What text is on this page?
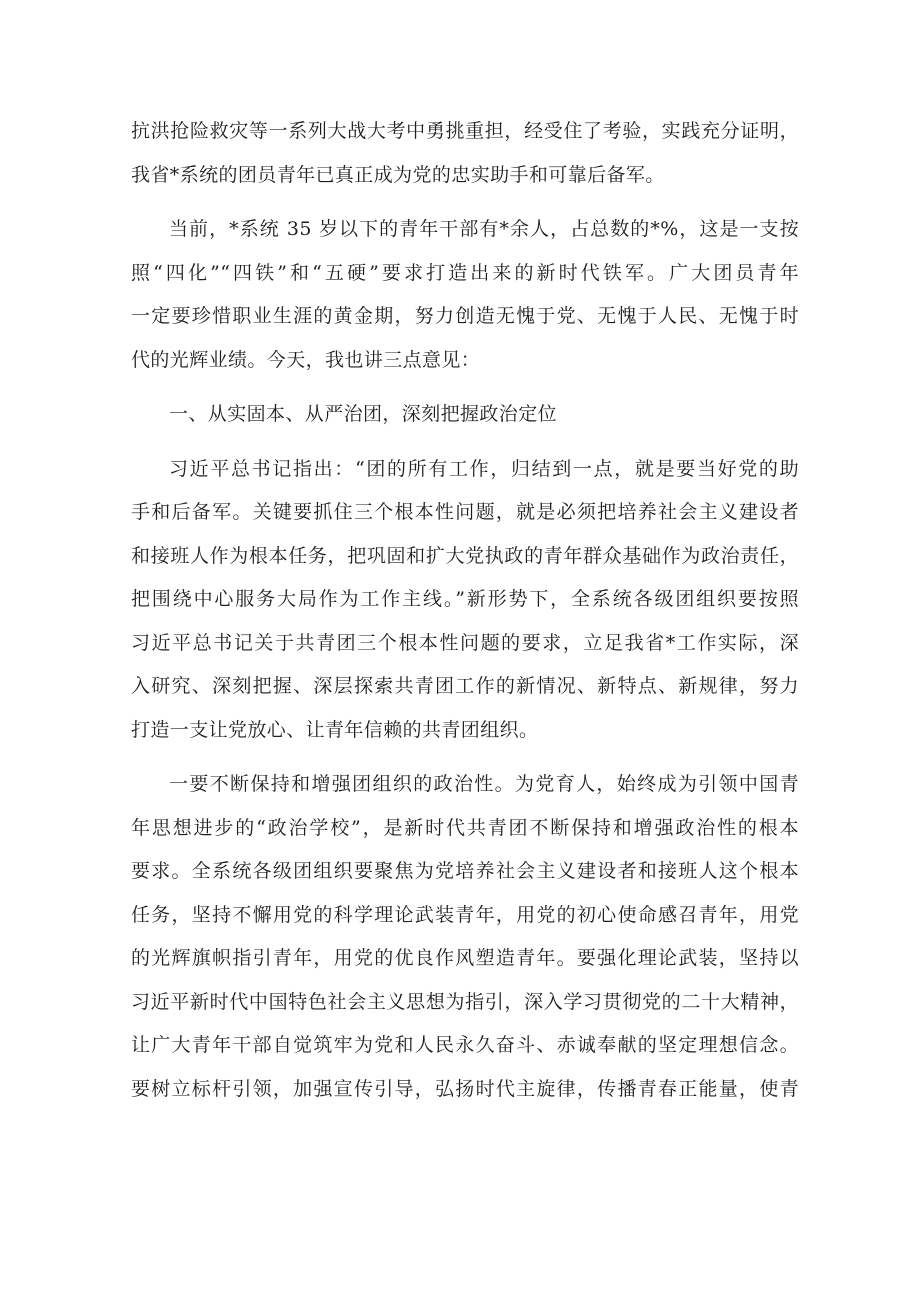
抗洪抢险救灾等一系列大战大考中勇挑重担，经受住了考验，实践充分证明，
我省*系统的团员青年已真正成为党的忠实助手和可靠后备军。
当前，*系统 35 岁以下的青年干部有*余人，占总数的*%，这是一支按
照“四化”“四铁”和“五硬”要求打造出来的新时代铁军。广大团员青年
一定要珍惜职业生涯的黄金期，努力创造无愧于党、无愧于人民、无愧于时
代的光辉业绩。今天，我也讲三点意见：
一、从实固本、从严治团，深刻把握政治定位
习近平总书记指出：“团的所有工作，归结到一点，就是要当好党的助
手和后备军。关键要抓住三个根本性问题，就是必须把培养社会主义建设者
和接班人作为根本任务，把巩固和扩大党执政的青年群众基础作为政治责任，
把围绕中心服务大局作为工作主线。”新形势下，全系统各级团组织要按照
习近平总书记关于共青团三个根本性问题的要求，立足我省*工作实际，深
入研究、深刻把握、深层探索共青团工作的新情况、新特点、新规律，努力
打造一支让党放心、让青年信赖的共青团组织。
一要不断保持和增强团组织的政治性。为党育人，始终成为引领中国青
年思想进步的“政治学校”，是新时代共青团不断保持和增强政治性的根本
要求。全系统各级团组织要聚焦为党培养社会主义建设者和接班人这个根本
任务，坚持不懈用党的科学理论武装青年，用党的初心使命感召青年，用党
的光辉旗帜指引青年，用党的优良作风塑造青年。要强化理论武装，坚持以
习近平新时代中国特色社会主义思想为指引，深入学习贯彻党的二十大精神，
让广大青年干部自觉筑牢为党和人民永久奋斗、赤诚奉献的坚定理想信念。
要树立标杆引领，加强宣传引导，弘扬时代主旋律，传播青春正能量，使青
